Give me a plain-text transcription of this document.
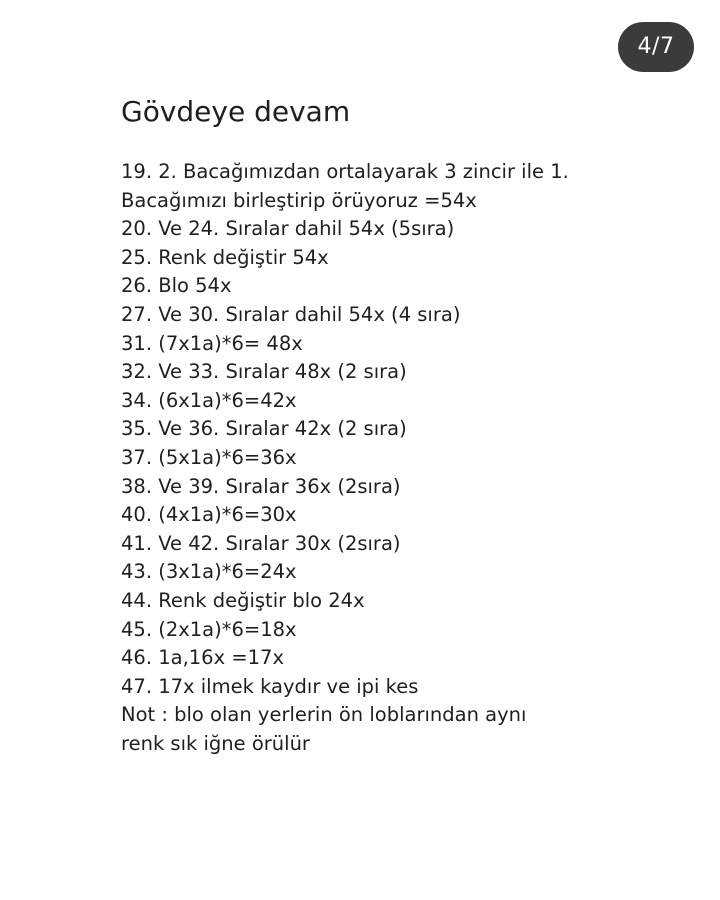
4/7
Gövdeye devam
19. 2. Bacağımızdan ortalayarak 3 zincir ile 1.
Bacağımızı birleştirip örüyoruz =54x
20. Ve 24. Sıralar dahil 54x (5sıra)
25. Renk değiştir 54x
26. Blo 54x
27. Ve 30. Sıralar dahil 54x (4 sıra)
31. (7x1a)*6= 48x
32. Ve 33. Sıralar 48x (2 sıra)
34. (6x1a)*6=42x
35. Ve 36. Sıralar 42x (2 sıra)
37. (5x1a)*6=36x
38. Ve 39. Sıralar 36x (2sıra)
40. (4x1a)*6=30x
41. Ve 42. Sıralar 30x (2sıra)
43. (3x1a)*6=24x
44. Renk değiştir blo 24x
45. (2x1a)*6=18x
46. 1a,16x =17x
47. 17x ilmek kaydır ve ipi kes
Not : blo olan yerlerin ön loblarından aynı
renk sık iğne örülür
